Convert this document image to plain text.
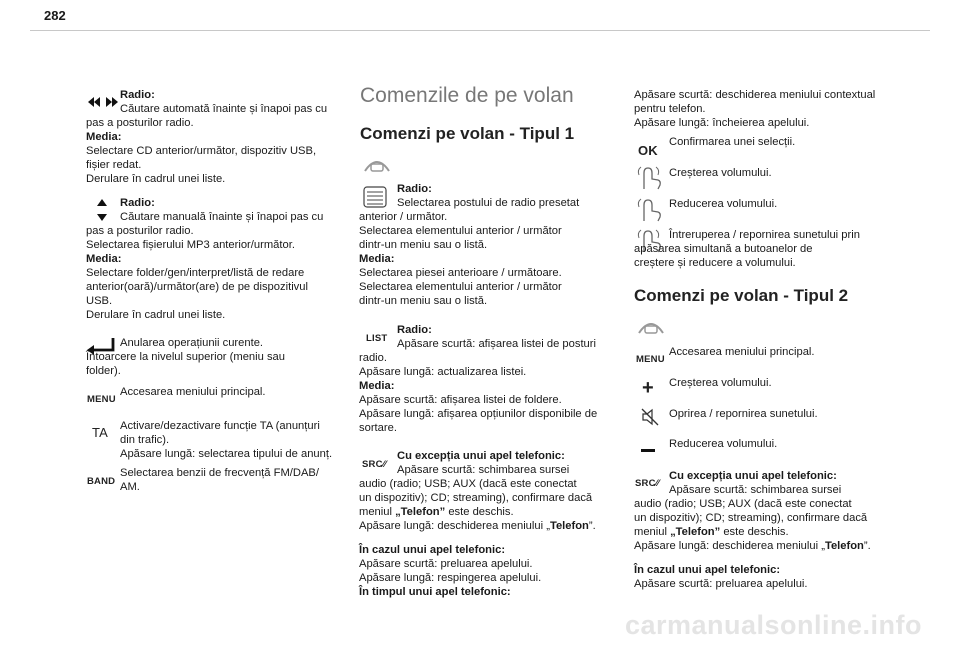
282
Radio:
Căutare automată înainte și înapoi pas cu
pas a posturilor radio.
Media:
Selectare CD anterior/următor, dispozitiv USB,
fișier redat.
Derulare în cadrul unei liste.
Radio:
Căutare manuală înainte și înapoi pas cu
pas a posturilor radio.
Selectarea fișierului MP3 anterior/următor.
Media:
Selectare folder/gen/interpret/listă de redare
anterior(oară)/următor(are) de pe dispozitivul
USB.
Derulare în cadrul unei liste.
Anularea operațiunii curente.
Întoarcere la nivelul superior (meniu sau
folder).
MENU
Accesarea meniului principal.
TA	Activare/dezactivare funcție TA (anunțuri
din trafic).
Apăsare lungă: selectarea tipului de anunț.
BAND
Selectarea benzii de frecvență FM/DAB/
AM.
Comenzile de pe volan
Comenzi pe volan - Tipul 1
Radio:
Selectarea postului de radio presetat
anterior / următor.
Selectarea elementului anterior / următor
dintr-un meniu sau o listă.
Media:
Selectarea piesei anterioare / următoare.
Selectarea elementului anterior / următor
dintr-un meniu sau o listă.
LIST
Radio:
Apăsare scurtă: afișarea listei de posturi
radio.
Apăsare lungă: actualizarea listei.
Media:
Apăsare scurtă: afișarea listei de foldere.
Apăsare lungă: afișarea opțiunilor disponibile de
sortare.
SRC⁄⁄
Cu excepția unui apel telefonic:
Apăsare scurtă: schimbarea sursei
audio (radio; USB; AUX (dacă este conectat
un dispozitiv); CD; streaming), confirmare dacă
meniul „Telefon” este deschis.
Apăsare lungă: deschiderea meniului „Telefon”.
În cazul unui apel telefonic:
Apăsare scurtă: preluarea apelului.
Apăsare lungă: respingerea apelului.
În timpul unui apel telefonic:
Apăsare scurtă: deschiderea meniului contextual
pentru telefon.
Apăsare lungă: încheierea apelului.
OK
Confirmarea unei selecții.
Creșterea volumului.
Reducerea volumului.
Întreruperea / repornirea sunetului prin
apăsarea simultană a butoanelor de
creștere și reducere a volumului.
Comenzi pe volan - Tipul 2
MENU
Accesarea meniului principal.
+ Creșterea volumului.
Oprirea / repornirea sunetului.
Reducerea volumului.
SRC⁄⁄
Cu excepția unui apel telefonic:
Apăsare scurtă: schimbarea sursei
audio (radio; USB; AUX (dacă este conectat
un dispozitiv); CD; streaming), confirmare dacă
meniul „Telefon” este deschis.
Apăsare lungă: deschiderea meniului „Telefon”.
În cazul unui apel telefonic:
Apăsare scurtă: preluarea apelului.
carmanualsonline.info
